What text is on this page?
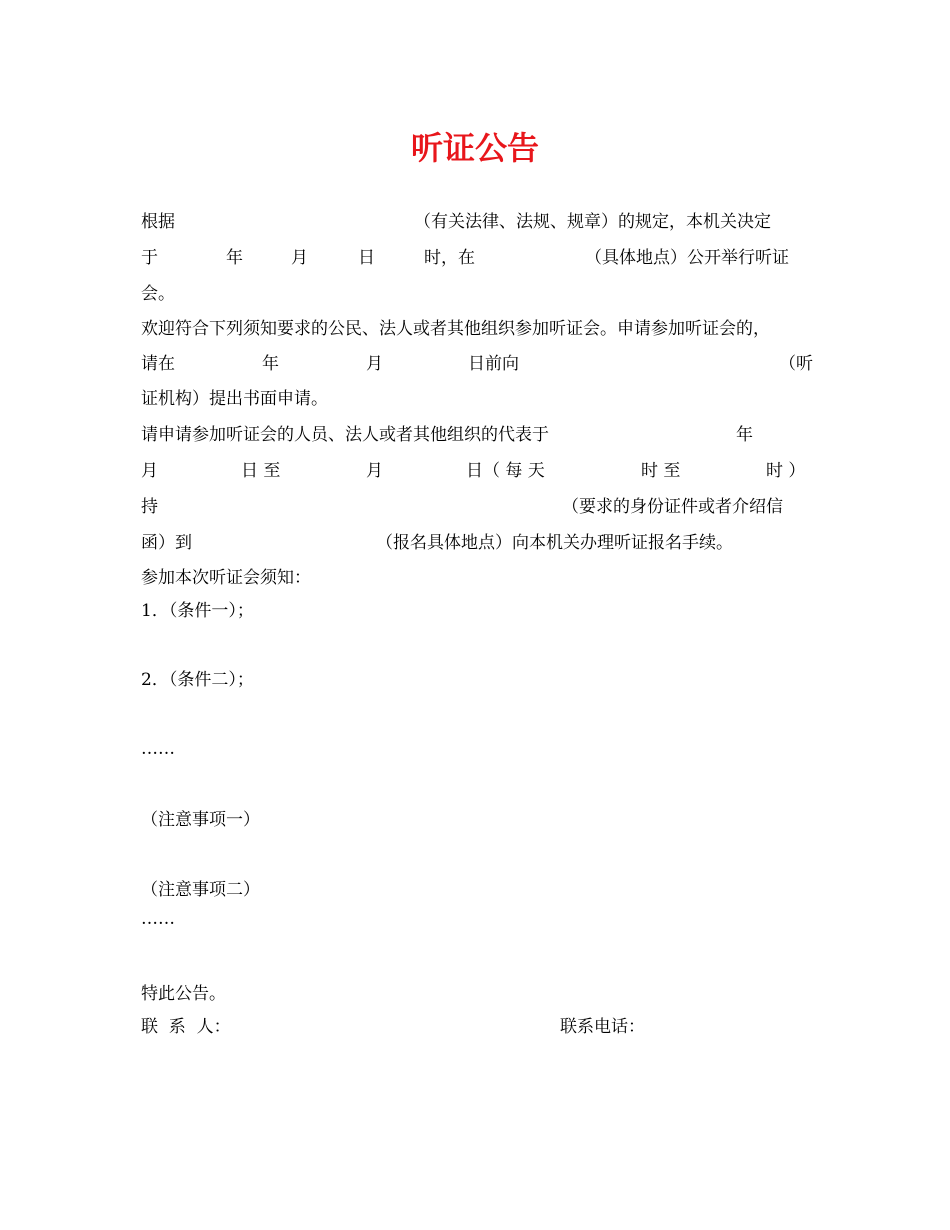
听证公告

根据	（有关法律、法规、规章）的规定，本机关决定

于	年	月	日	时，在	（具体地点）公开举行听证

会。

欢迎符合下列须知要求的公民、法人或者其他组织参加听证会。申请参加听证会的，

请在	年	月	日前向	（听

证机构）提出书面申请。

请申请参加听证会的人员、法人或者其他组织的代表于	年

月	日 至	月	日（ 每 天	时 至	时 ）

持	（要求的身份证件或者介绍信

函）到	（报名具体地点）向本机关办理听证报名手续。

参加本次听证会须知：

1．（条件一）；

2．（条件二）；

……

（注意事项一）

（注意事项二）

……

特此公告。

联  系  人：	联系电话：
